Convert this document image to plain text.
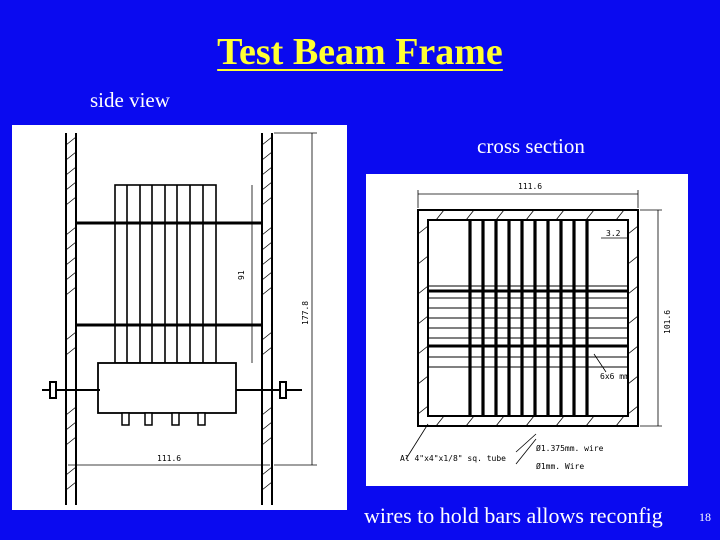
Test Beam Frame
side view
91
177.8
111.6
cross section
111.6
101.6
3.2
6x6 mm
Ø1.375mm. wire
Al 4"x4"x1/8" sq. tube
Ø1mm. Wire
wires to hold bars allows reconfig	18
